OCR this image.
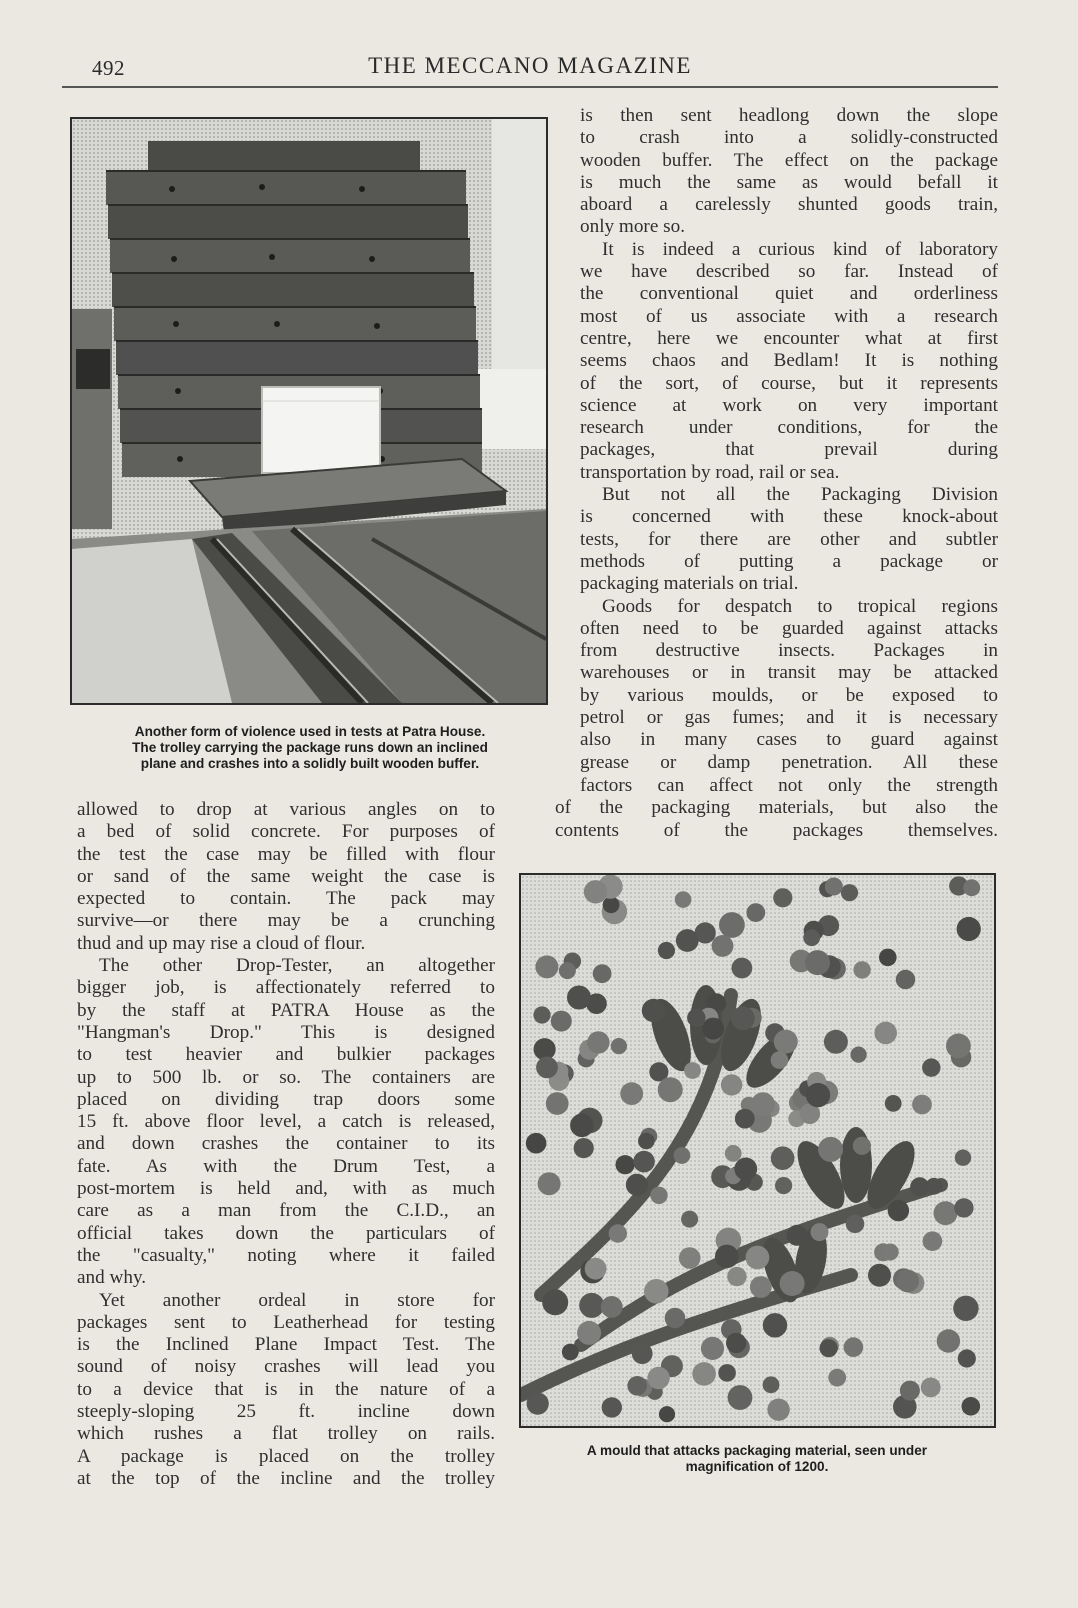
492	THE MECCANO MAGAZINE
Another form of violence used in tests at Patra House.
The trolley carrying the package runs down an inclined
plane and crashes into a solidly built wooden buffer.
is then sent headlong down the slope
to crash into a solidly-constructed
wooden buffer. The effect on the package
is much the same as would befall it
aboard a carelessly shunted goods train,
only more so.
It is indeed a curious kind of laboratory
we have described so far. Instead of
the conventional quiet and orderliness
most of us associate with a research
centre, here we encounter what at first
seems chaos and Bedlam! It is nothing
of the sort, of course, but it represents
science at work on very important
research under conditions, for the
packages, that prevail during
transportation by road, rail or sea.
But not all the Packaging Division
is concerned with these knock-about
tests, for there are other and subtler
methods of putting a package or
packaging materials on trial.
Goods for despatch to tropical regions
often need to be guarded against attacks
from destructive insects. Packages in
warehouses or in transit may be attacked
by various moulds, or be exposed to
petrol or gas fumes; and it is necessary
also in many cases to guard against
grease or damp penetration. All these
factors can affect not only the strength
of the packaging materials, but also the
contents of the packages themselves.
allowed to drop at various angles on to
a bed of solid concrete. For purposes of
the test the case may be filled with flour
or sand of the same weight the case is
expected to contain. The pack may
survive—or there may be a crunching
thud and up may rise a cloud of flour.
The other Drop-Tester, an altogether
bigger job, is affectionately referred to
by the staff at PATRA House as the
"Hangman's Drop." This is designed
to test heavier and bulkier packages
up to 500 lb. or so. The containers are
placed on dividing trap doors some
15 ft. above floor level, a catch is released,
and down crashes the container to its
fate. As with the Drum Test, a
post-mortem is held and, with as much
care as a man from the C.I.D., an
official takes down the particulars of
the "casualty," noting where it failed
and why.
Yet another ordeal in store for
packages sent to Leatherhead for testing
is the Inclined Plane Impact Test. The
sound of noisy crashes will lead you
to a device that is in the nature of a
steeply-sloping 25 ft. incline down
which rushes a flat trolley on rails.
A package is placed on the trolley
at the top of the incline and the trolley
A mould that attacks packaging material, seen under
magnification of 1200.
